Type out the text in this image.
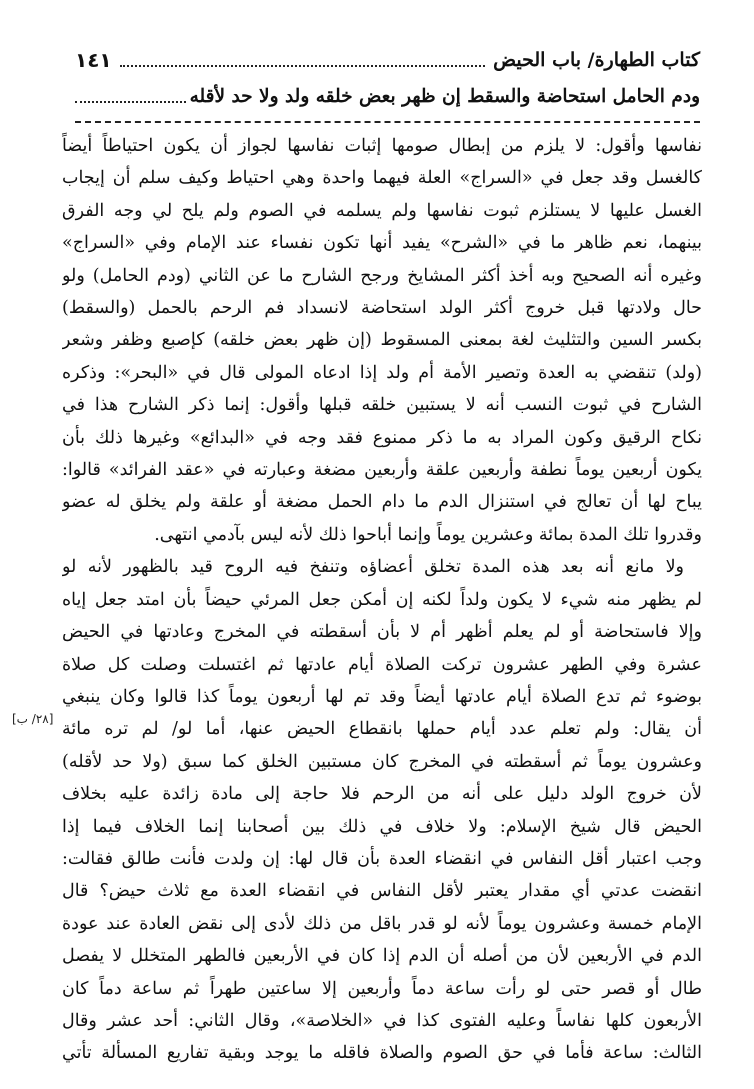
كتاب الطهارة/ باب الحيض
١٤١
ودم الحامل استحاضة والسقط إن ظهر بعض خلقه ولد ولا حد لأقله
[٢٨/ ب]
نفاسها وأقول: لا يلزم من إبطال صومها إثبات نفاسها لجواز أن يكون احتياطاً أيضاً
كالغسل وقد جعل في «السراج» العلة فيهما واحدة وهي احتياط وكيف سلم أن إيجاب
الغسل عليها لا يستلزم ثبوت نفاسها ولم يسلمه في الصوم ولم يلح لي وجه الفرق
بينهما، نعم ظاهر ما في «الشرح» يفيد أنها تكون نفساء عند الإمام وفي «السراج»
وغيره أنه الصحيح وبه أخذ أكثر المشايخ ورجح الشارح ما عن الثاني (ودم الحامل) ولو
حال ولادتها قبل خروج أكثر الولد استحاضة لانسداد فم الرحم بالحمل (والسقط)
بكسر السين والتثليث لغة بمعنى المسقوط (إن ظهر بعض خلقه) كإصبع وظفر وشعر
(ولد) تنقضي به العدة وتصير الأمة أم ولد إذا ادعاه المولى قال في «البحر»: وذكره
الشارح في ثبوت النسب أنه لا يستبين خلقه قبلها وأقول: إنما ذكر الشارح هذا في
نكاح الرقيق وكون المراد به ما ذكر ممنوع فقد وجه في «البدائع» وغيرها ذلك بأن
يكون أربعين يوماً نطفة وأربعين علقة وأربعين مضغة وعبارته في «عقد الفرائد» قالوا:
يباح لها أن تعالج في استنزال الدم ما دام الحمل مضغة أو علقة ولم يخلق له عضو
وقدروا تلك المدة بمائة وعشرين يوماً وإنما أباحوا ذلك لأنه ليس بآدمي انتهى.
ولا مانع أنه بعد هذه المدة تخلق أعضاؤه وتنفخ فيه الروح قيد بالظهور لأنه لو
لم يظهر منه شيء لا يكون ولداً لكنه إن أمكن جعل المرئي حيضاً بأن امتد جعل إياه
وإلا فاستحاضة أو لم يعلم أظهر أم لا بأن أسقطته في المخرج وعادتها في الحيض
عشرة وفي الطهر عشرون تركت الصلاة أيام عادتها ثم اغتسلت وصلت كل صلاة
بوضوء ثم تدع الصلاة أيام عادتها أيضاً وقد تم لها أربعون يوماً كذا قالوا وكان ينبغي
أن يقال: ولم تعلم عدد أيام حملها بانقطاع الحيض عنها، أما لو/ لم تره مائة
وعشرون يوماً ثم أسقطته في المخرج كان مستبين الخلق كما سبق (ولا حد لأقله)
لأن خروج الولد دليل على أنه من الرحم فلا حاجة إلى مادة زائدة عليه بخلاف
الحيض قال شيخ الإسلام: ولا خلاف في ذلك بين أصحابنا إنما الخلاف فيما إذا
وجب اعتبار أقل النفاس في انقضاء العدة بأن قال لها: إن ولدت فأنت طالق فقالت:
انقضت عدتي أي مقدار يعتبر لأقل النفاس في انقضاء العدة مع ثلاث حيض؟ قال
الإمام خمسة وعشرون يوماً لأنه لو قدر باقل من ذلك لأدى إلى نقض العادة عند عودة
الدم في الأربعين لأن من أصله أن الدم إذا كان في الأربعين فالطهر المتخلل لا يفصل
طال أو قصر حتى لو رأت ساعة دماً وأربعين إلا ساعتين طهراً ثم ساعة دماً كان
الأربعون كلها نفاساً وعليه الفتوى كذا في «الخلاصة»، وقال الثاني: أحد عشر وقال
الثالث: ساعة فأما في حق الصوم والصلاة فاقله ما يوجد وبقية تفاريع المسألة تأتي
